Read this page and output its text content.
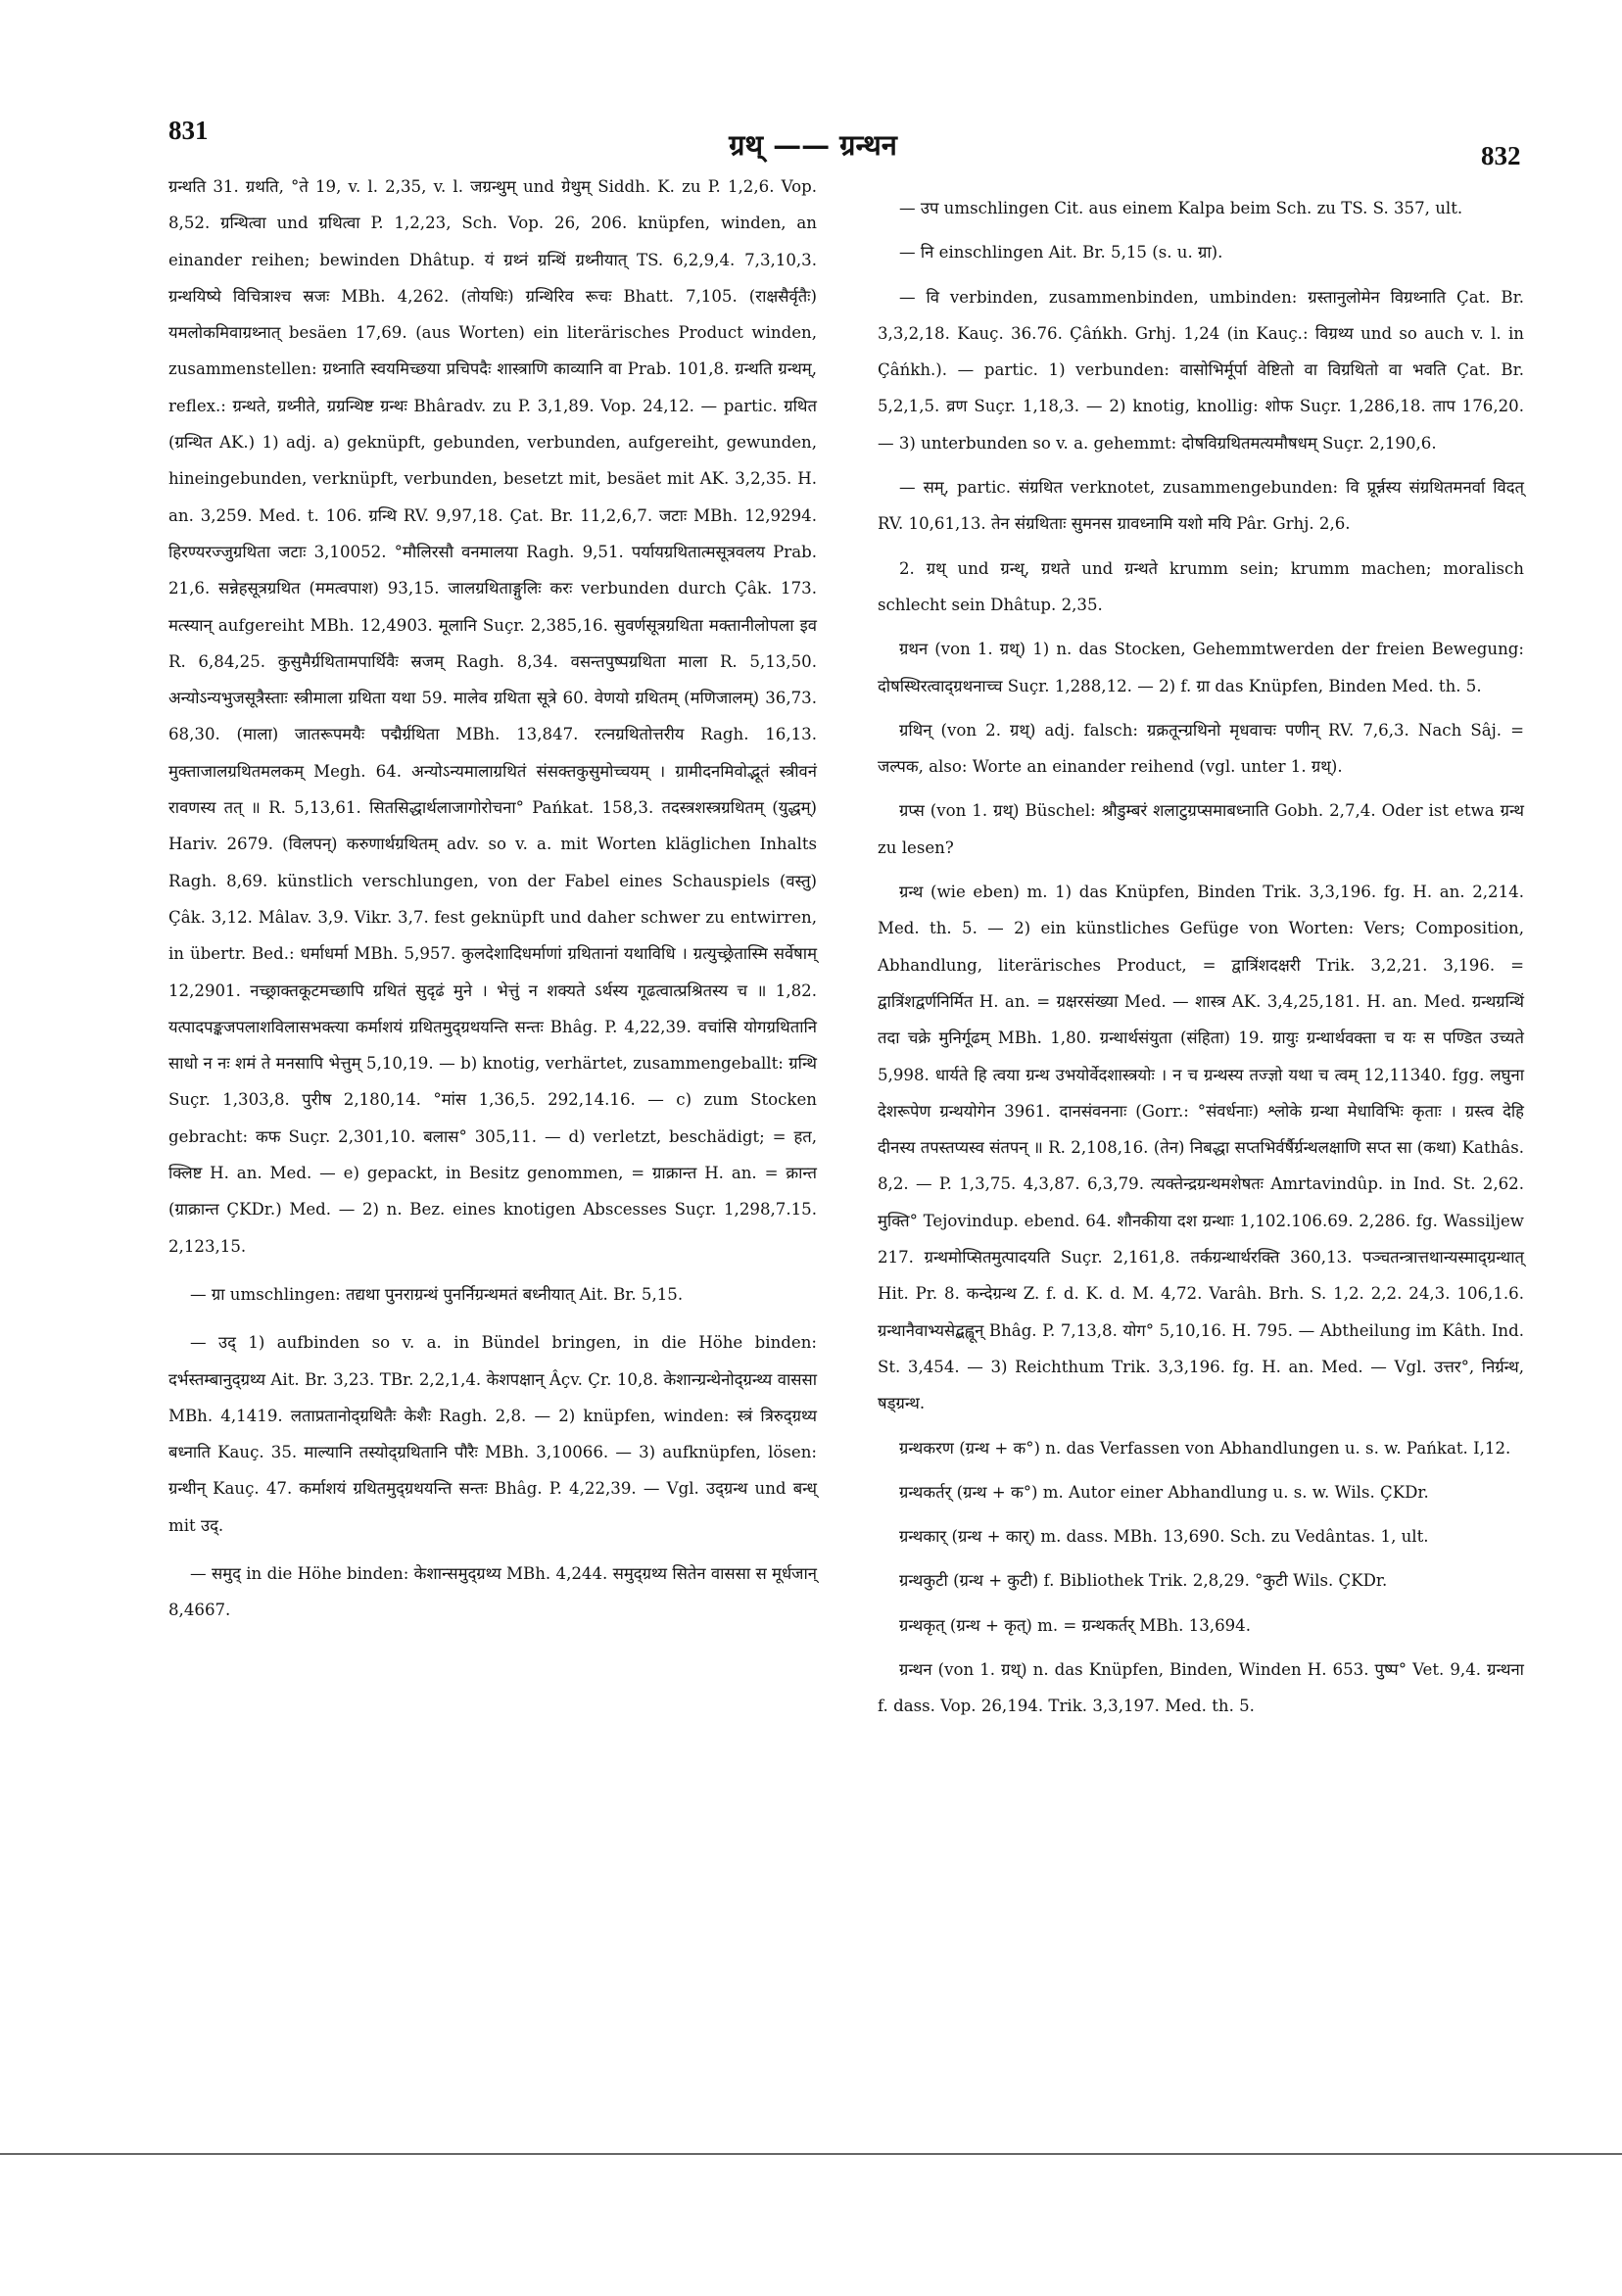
831	ग्रथ् —— ग्रन्थन	832

ग्रन्थति 31. ग्रथति, °ते 19, v. l. 2,35, v. l. जग्रन्थुम् und ग्रेथुम् Siddh. K. zu P. 1,2,6. Vop. 8,52. ग्रन्थित्वा und ग्रथित्वा P. 1,2,23, Sch. Vop. 26, 206. knüpfen, winden, an einander reihen; bewinden Dhâtup. यं ग्रथ्नं ग्रन्थिं ग्रथ्नीयात् TS. 6,2,9,4. 7,3,10,3. ग्रन्थयिष्ये विचित्राश्च स्रजः MBh. 4,262. (तोयधिः) ग्रन्थिरिव रूचः Bhatt. 7,105. (राक्षसैर्वृतैः) यमलोकमिवाग्रथ्नात् besäen 17,69. (aus Worten) ein literärisches Product winden, zusammenstellen: ग्रथ्नाति स्वयमिच्छया प्रचिपदैः शास्त्राणि काव्यानि वा Prab. 101,8. ग्रन्थति ग्रन्थम्, reflex.: ग्रन्थते, ग्रथ्नीते, ग्रग्रन्थिष्ट ग्रन्थः Bhâradv. zu P. 3,1,89. Vop. 24,12. — partic. ग्रथित (ग्रन्थित AK.) 1) adj. a) geknüpft, gebunden, verbunden, aufgereiht, gewunden, hineingebunden, verknüpft, verbunden, besetzt mit, besäet mit AK. 3,2,35. H. an. 3,259. Med. t. 106. ग्रन्थि RV. 9,97,18. Çat. Br. 11,2,6,7. जटाः MBh. 12,9294. हिरण्यरज्जुग्रथिता जटाः 3,10052. °मौलिरसौ वनमालया Ragh. 9,51. पर्यायग्रथितात्मसूत्रवलय Prab. 21,6. सन्नेहसूत्रग्रथित (ममत्वपाश) 93,15. जालग्रथिताङ्गुलिः करः verbunden durch Çâk. 173. मत्स्यान् aufgereiht MBh. 12,4903. मूलानि Suçr. 2,385,16. सुवर्णसूत्रग्रथिता मक्तानीलोपला इव R. 6,84,25. कुसुमैर्ग्रथितामपार्थिवैः स्रजम् Ragh. 8,34. वसन्तपुष्पग्रथिता माला R. 5,13,50. अन्योऽन्यभुजसूत्रैस्ताः स्त्रीमाला ग्रथिता यथा 59. मालेव ग्रथिता सूत्रे 60. वेणयो ग्रथितम् (मणिजालम्) 36,73. 68,30. (माला) जातरूपमयैः पद्मैर्ग्रथिता MBh. 13,847. रत्नग्रथितोत्तरीय Ragh. 16,13. मुक्ताजालग्रथितमलकम् Megh. 64. अन्योऽन्यमालाग्रथितं संसक्तकुसुमोच्चयम् । ग्रामीदनमिवोद्भूतं स्त्रीवनं रावणस्य तत् ॥ R. 5,13,61. सितसिद्धार्थलाजागोरोचना° Pańkat. 158,3. तदस्त्रशस्त्रग्रथितम् (युद्धम्) Hariv. 2679. (विलपन्) करुणार्थग्रथितम् adv. so v. a. mit Worten kläglichen Inhalts Ragh. 8,69. künstlich verschlungen, von der Fabel eines Schauspiels (वस्तु) Çâk. 3,12. Mâlav. 3,9. Vikr. 3,7. fest geknüpft und daher schwer zu entwirren, in übertr. Bed.: धर्माधर्मा MBh. 5,957. कुलदेशादिधर्माणां ग्रथितानां यथाविधि । ग्रत्युच्छ्रेतास्मि सर्वेषाम् 12,2901. नच्छ्राक्तकूटमच्छापि ग्रथितं सुदृढं मुने । भेत्तुं न शक्यते ऽर्थस्य गूढत्वात्प्रश्रितस्य च ॥ 1,82. यत्पादपङ्कजपलाशविलासभक्त्या कर्माशयं ग्रथितमुद्ग्रथयन्ति सन्तः Bhâg. P. 4,22,39. वचांसि योगग्रथितानि साधो न नः शमं ते मनसापि भेत्तुम् 5,10,19. — b) knotig, verhärtet, zusammengeballt: ग्रन्थि Suçr. 1,303,8. पुरीष 2,180,14. °मांस 1,36,5. 292,14.16. — c) zum Stocken gebracht: कफ Suçr. 2,301,10. बलास° 305,11. — d) verletzt, beschädigt; = हत, क्लिष्ट H. an. Med. — e) gepackt, in Besitz genommen, = ग्राक्रान्त H. an. = क्रान्त (ग्राक्रान्त ÇKDr.) Med. — 2) n. Bez. eines knotigen Abscesses Suçr. 1,298,7.15. 2,123,15.

— ग्रा umschlingen: तद्यथा पुनराग्रन्थं पुनर्निग्रन्थमतं बध्नीयात् Ait. Br. 5,15.

— उद् 1) aufbinden so v. a. in Bündel bringen, in die Höhe binden: दर्भस्तम्बानुद्ग्रथ्य Ait. Br. 3,23. TBr. 2,2,1,4. केशपक्षान् Âçv. Çr. 10,8. केशान्ग्रन्थेनोद्ग्रन्थ्य वाससा MBh. 4,1419. लताप्रतानोद्ग्रथितैः केशैः Ragh. 2,8. — 2) knüpfen, winden: स्त्रं त्रिरुद्ग्रथ्य बध्नाति Kauç. 35. माल्यानि तस्योद्ग्रथितानि पौरैः MBh. 3,10066. — 3) aufknüpfen, lösen: ग्रन्थीन् Kauç. 47. कर्माशयं ग्रथितमुद्ग्रथयन्ति सन्तः Bhâg. P. 4,22,39. — Vgl. उद्ग्रन्थ und बन्ध् mit उद्.

— समुद् in die Höhe binden: केशान्समुद्ग्रथ्य MBh. 4,244. समुद्ग्रथ्य सितेन वाससा स मूर्धजान् 8,4667.

— उप umschlingen Cit. aus einem Kalpa beim Sch. zu TS. S. 357, ult.

— नि einschlingen Ait. Br. 5,15 (s. u. ग्रा).

— वि verbinden, zusammenbinden, umbinden: ग्रस्तानुलोमेन विग्रथ्नाति Çat. Br. 3,3,2,18. Kauç. 36.76. Çâńkh. Grhj. 1,24 (in Kauç.: विग्रथ्य und so auch v. l. in Çâńkh.). — partic. 1) verbunden: वासोभिर्मूर्पा वेष्टितो वा विग्रथितो वा भवति Çat. Br. 5,2,1,5. व्रण Suçr. 1,18,3. — 2) knotig, knollig: शोफ Suçr. 1,286,18. ताप 176,20. — 3) unterbunden so v. a. gehemmt: दोषविग्रथितमत्यमौषधम् Suçr. 2,190,6.

— सम्, partic. संग्रथित verknotet, zusammengebunden: वि प्रूर्न्नस्य संग्रथितमनर्वा विदत् RV. 10,61,13. तेन संग्रथिताः सुमनस ग्रावध्नामि यशो मयि Pâr. Grhj. 2,6.

2. ग्रथ् und ग्रन्थ्, ग्रथते und ग्रन्थते krumm sein; krumm machen; moralisch schlecht sein Dhâtup. 2,35.

ग्रथन (von 1. ग्रथ्) 1) n. das Stocken, Gehemmtwerden der freien Bewegung: दोषस्थिरत्वाद्ग्रथनाच्च Suçr. 1,288,12. — 2) f. ग्रा das Knüpfen, Binden Med. th. 5.

ग्रथिन् (von 2. ग्रथ्) adj. falsch: ग्रक्रतून्ग्रथिनो मृधवाचः पणीन् RV. 7,6,3. Nach Sâj. = जल्पक, also: Worte an einander reihend (vgl. unter 1. ग्रथ्).

ग्रप्स (von 1. ग्रथ्) Büschel: श्रौडुम्बरं शलाटुग्रप्समाबध्नाति Gobh. 2,7,4. Oder ist etwa ग्रन्थ zu lesen?

ग्रन्थ (wie eben) m. 1) das Knüpfen, Binden Trik. 3,3,196. fg. H. an. 2,214. Med. th. 5. — 2) ein künstliches Gefüge von Worten: Vers; Composition, Abhandlung, literärisches Product, = द्वात्रिंशदक्षरी Trik. 3,2,21. 3,196. = द्वात्रिंशद्वर्णनिर्मित H. an. = ग्रक्षरसंख्या Med. — शास्त्र AK. 3,4,25,181. H. an. Med. ग्रन्थग्रन्थिं तदा चक्रे मुनिर्गूढम् MBh. 1,80. ग्रन्थार्थसंयुता (संहिता) 19. ग्रायुः ग्रन्थार्थवक्ता च यः स पण्डित उच्यते 5,998. धार्यते हि त्वया ग्रन्थ उभयोर्वेदशास्त्रयोः । न च ग्रन्थस्य तज्ज्ञो यथा च त्वम् 12,11340. fgg. लघुना देशरूपेण ग्रन्थयोगेन 3961. दानसंवननाः (Gorr.: °संवर्धनाः) श्लोके ग्रन्था मेधाविभिः कृताः । ग्रस्त्व देहि दीनस्य तपस्तप्यस्व संतपन् ॥ R. 2,108,16. (तेन) निबद्धा सप्तभिर्वर्षैर्ग्रन्थलक्षाणि सप्त सा (कथा) Kathâs. 8,2. — P. 1,3,75. 4,3,87. 6,3,79. त्यक्तेन्द्रग्रन्थमशेषतः Amrtavindûp. in Ind. St. 2,62. मुक्ति° Tejovindup. ebend. 64. शौनकीया दश ग्रन्थाः 1,102.106.69. 2,286. fg. Wassiljew 217. ग्रन्थमोप्सितमुत्पादयति Suçr. 2,161,8. तर्कग्रन्थार्थरक्ति 360,13. पञ्चतन्त्रात्तथान्यस्माद्ग्रन्थात् Hit. Pr. 8. कन्देग्रन्थ Z. f. d. K. d. M. 4,72. Varâh. Brh. S. 1,2. 2,2. 24,3. 106,1.6. ग्रन्थानैवाभ्यसेद्बह्वून् Bhâg. P. 7,13,8. योग° 5,10,16. H. 795. — Abtheilung im Kâth. Ind. St. 3,454. — 3) Reichthum Trik. 3,3,196. fg. H. an. Med. — Vgl. उत्तर°, निर्ग्रन्थ, षड्ग्रन्थ.

ग्रन्थकरण (ग्रन्थ + क°) n. das Verfassen von Abhandlungen u. s. w. Pańkat. I,12.

ग्रन्थकर्तर् (ग्रन्थ + क°) m. Autor einer Abhandlung u. s. w. Wils. ÇKDr.

ग्रन्थकार् (ग्रन्थ + कार्) m. dass. MBh. 13,690. Sch. zu Vedântas. 1, ult.

ग्रन्थकुटी (ग्रन्थ + कुटी) f. Bibliothek Trik. 2,8,29. °कुटी Wils. ÇKDr.

ग्रन्थकृत् (ग्रन्थ + कृत्) m. = ग्रन्थकर्तर् MBh. 13,694.

ग्रन्थन (von 1. ग्रथ्) n. das Knüpfen, Binden, Winden H. 653. पुष्प° Vet. 9,4. ग्रन्थना f. dass. Vop. 26,194. Trik. 3,3,197. Med. th. 5.
